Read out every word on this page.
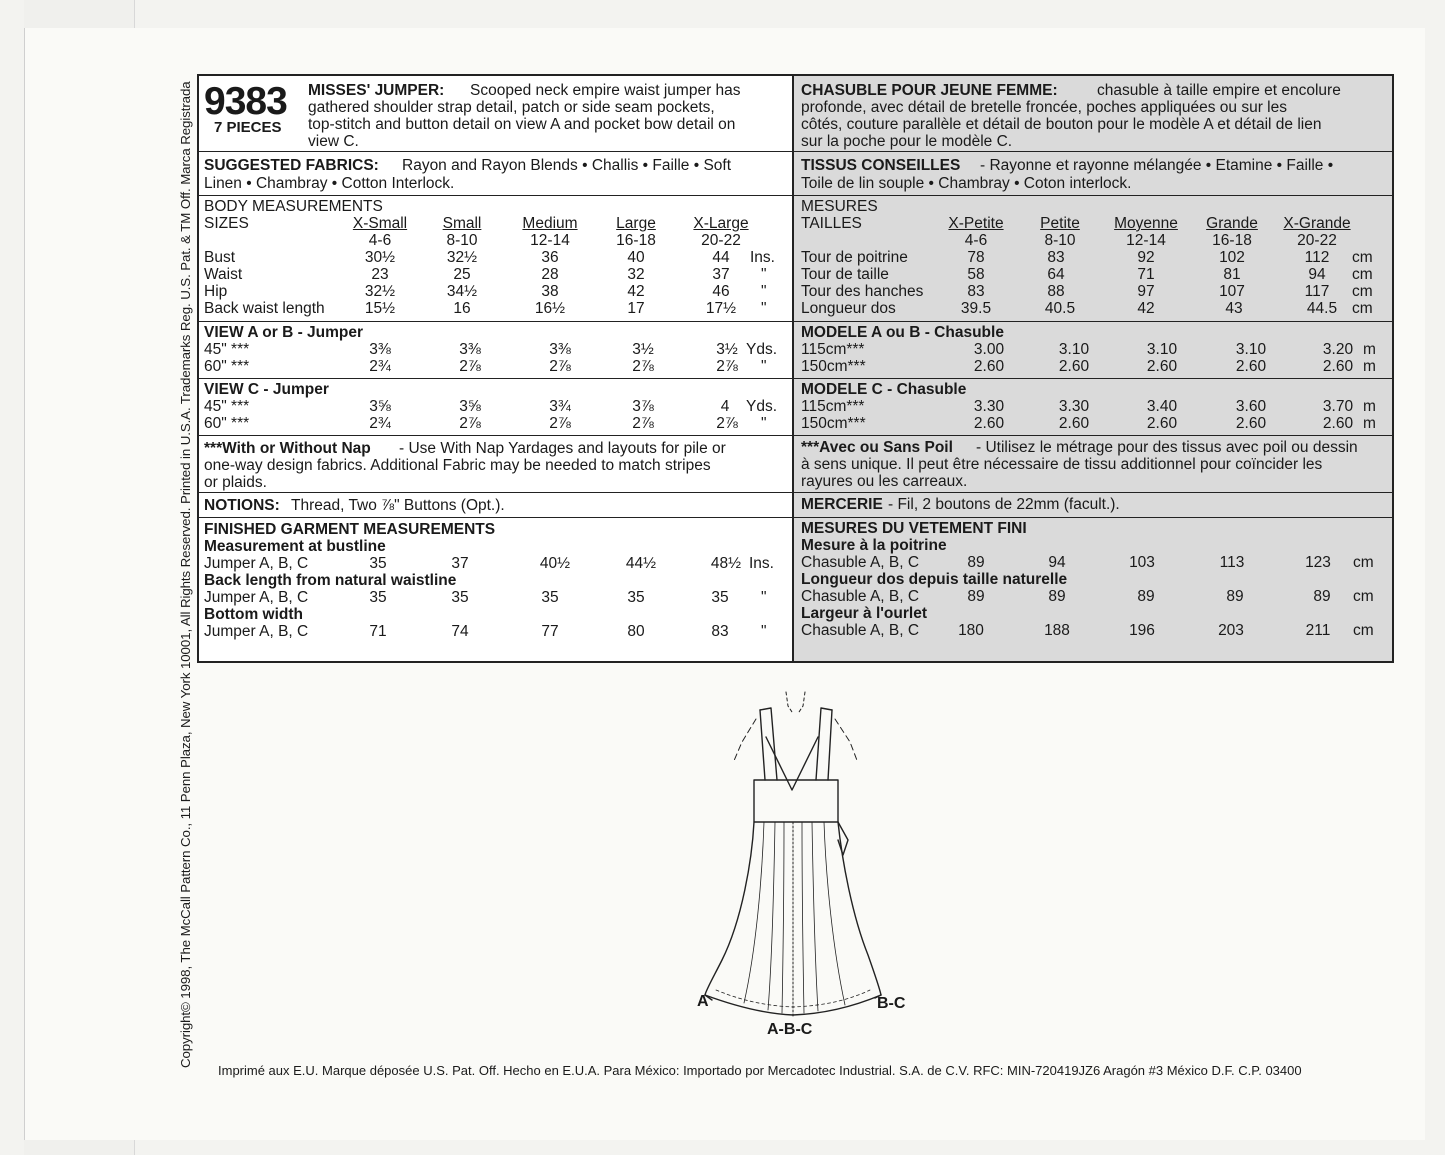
Copyright© 1998, The McCall Pattern Co., 11 Penn Plaza, New York 10001, All Rights Reserved. Printed in U.S.A. Trademarks Reg. U.S. Pat. & TM Off. Marca Registrada 9383
7 PIECES
MISSES' JUMPER: Scooped neck empire waist jumper has
gathered shoulder strap detail, patch or side seam pockets,
top-stitch and button detail on view A and pocket bow detail on
view C.
CHASUBLE POUR JEUNE FEMME:	chasuble à taille empire et encolure
profonde, avec détail de bretelle froncée, poches appliquées ou sur les
côtés, couture parallèle et détail de bouton pour le modèle A et détail de lien
sur la poche pour le modèle C.
SUGGESTED FABRICS: Rayon and Rayon Blends • Challis • Faille • Soft
Linen • Chambray • Cotton Interlock.
TISSUS CONSEILLES - Rayonne et rayonne mélangée • Etamine • Faille •
Toile de lin souple • Chambray • Coton interlock.
BODY MEASUREMENTS
SIZES
MESURES
TAILLES
X-Small Small	Medium Large X-Large
4-6	8-10	12-14	16-18	20-22
X-Petite Petite Moyenne Grande X-Grande
4-6	8-10	12-14	16-18	20-22
Bust	30½	32½	36	40	44 Ins.
Waist	23	25	28	32	37 "
Hip	32½	34½	38	42	46 "
Back waist length	15½	16	16½	17	17½ "
Tour de poitrine	78	83	92	102	112 cm
Tour de taille	58	64	71	81	94 cm
Tour des hanches	83	88	97	107	117 cm
Longueur dos	39.5	40.5	42	43	44.5 cm
VIEW A or B - Jumper	MODELE A ou B - Chasuble
45" ***	3⅜	3⅜	3⅜	3½	3½ Yds.
60" ***	2¾	2⅞	2⅞	2⅞	2⅞ "
115cm***	3.00	3.10	3.10	3.10	3.20 m
150cm***	2.60	2.60	2.60	2.60	2.60 m
VIEW C - Jumper	MODELE C - Chasuble
45" ***	3⅝	3⅝	3¾	3⅞	4 Yds.
60" ***	2¾	2⅞	2⅞	2⅞	2⅞ "
115cm***	3.30	3.30	3.40	3.60	3.70 m
150cm***	2.60	2.60	2.60	2.60	2.60 m
***With or Without Nap - Use With Nap Yardages and layouts for pile or
one-way design fabrics. Additional Fabric may be needed to match stripes
or plaids.
***Avec ou Sans Poil - Utilisez le métrage pour des tissus avec poil ou dessin
à sens unique. Il peut être nécessaire de tissu additionnel pour coïncider les
rayures ou les carreaux.
NOTIONS: Thread, Two ⅞" Buttons (Opt.).	MERCERIE - Fil, 2 boutons de 22mm (facult.).
FINISHED GARMENT MEASUREMENTS	MESURES DU VETEMENT FINI
Measurement at bustline
Jumper A, B, C	35	37	40½	44½	48½ Ins.
Mesure à la poitrine
Chasuble A, B, C	89	94	103	113	123 cm
Back length from natural waistline
Jumper A, B, C	35	35	35	35	35 "
Longueur dos depuis taille naturelle
Chasuble A, B, C	89	89	89	89	89 cm
Bottom width
Jumper A, B, C	71	74	77	80	83 "
Largeur à l'ourlet
Chasuble A, B, C	180	188	196	203	211 cm
A	B-C
A-B-C
Imprimé aux E.U. Marque déposée U.S. Pat. Off. Hecho en E.U.A. Para México: Importado por Mercadotec Industrial. S.A. de C.V. RFC: MIN-720419JZ6 Aragón #3 México D.F. C.P. 03400
